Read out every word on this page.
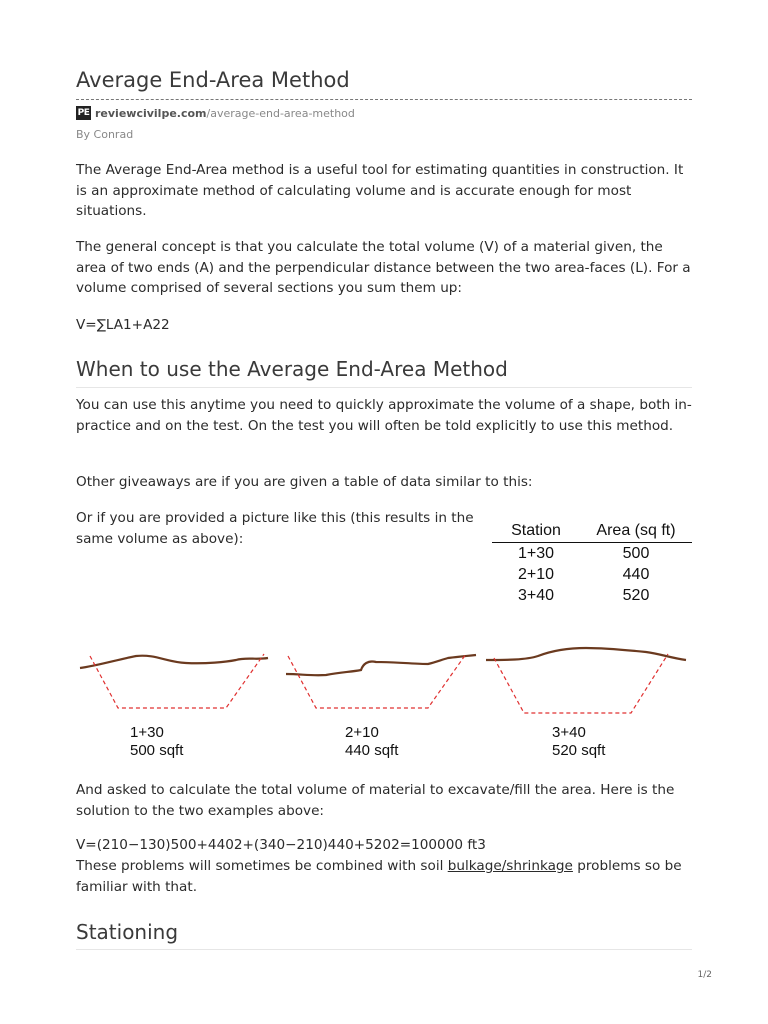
Average End-Area Method
PE reviewcivilpe.com/average-end-area-method
By Conrad

The Average End-Area method is a useful tool for estimating quantities in construction. It is an approximate method of calculating volume and is accurate enough for most situations.

The general concept is that you calculate the total volume (V) of a material given, the area of two ends (A) and the perpendicular distance between the two area-faces (L). For a volume comprised of several sections you sum them up:

V=∑LA1+A22

When to use the Average End-Area Method

You can use this anytime you need to quickly approximate the volume of a shape, both in-practice and on the test. On the test you will often be told explicitly to use this method.

Other giveaways are if you are given a table of data similar to this:

Or if you are provided a picture like this (this results in the same volume as above):	Station	Area (sq ft)
1+30	500
2+10	440
3+40	520
1+30
500 sqft
2+10
440 sqft
3+40
520 sqft

And asked to calculate the total volume of material to excavate/fill the area. Here is the solution to the two examples above:

V=(210−130)500+4402+(340−210)440+5202=100000 ft3

These problems will sometimes be combined with soil bulkage/shrinkage problems so be familiar with that.

Stationing
1/2
